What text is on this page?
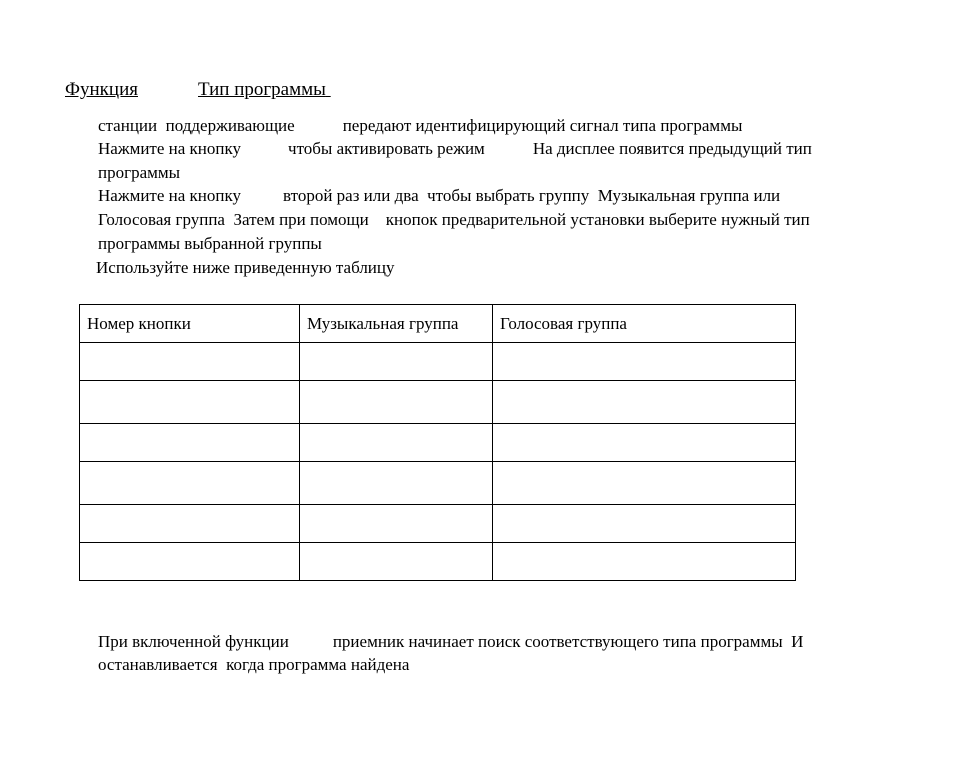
Функция	Тип программы
станции  поддерживающие	передают идентифицирующий сигнал типа программы
Нажмите на кнопку	чтобы активировать режим	На дисплее появится предыдущий тип
программы
Нажмите на кнопку второй раз или два  чтобы выбрать группу  Музыкальная группа или
Голосовая группа  Затем при помощи кнопок предварительной установки выберите нужный тип
программы выбранной группы
Используйте ниже приведенную таблицу
Номер кнопки	Музыкальная группа	Голосовая группа

При включенной функции	приемник начинает поиск соответствующего типа программы  И
останавливается  когда программа найдена
